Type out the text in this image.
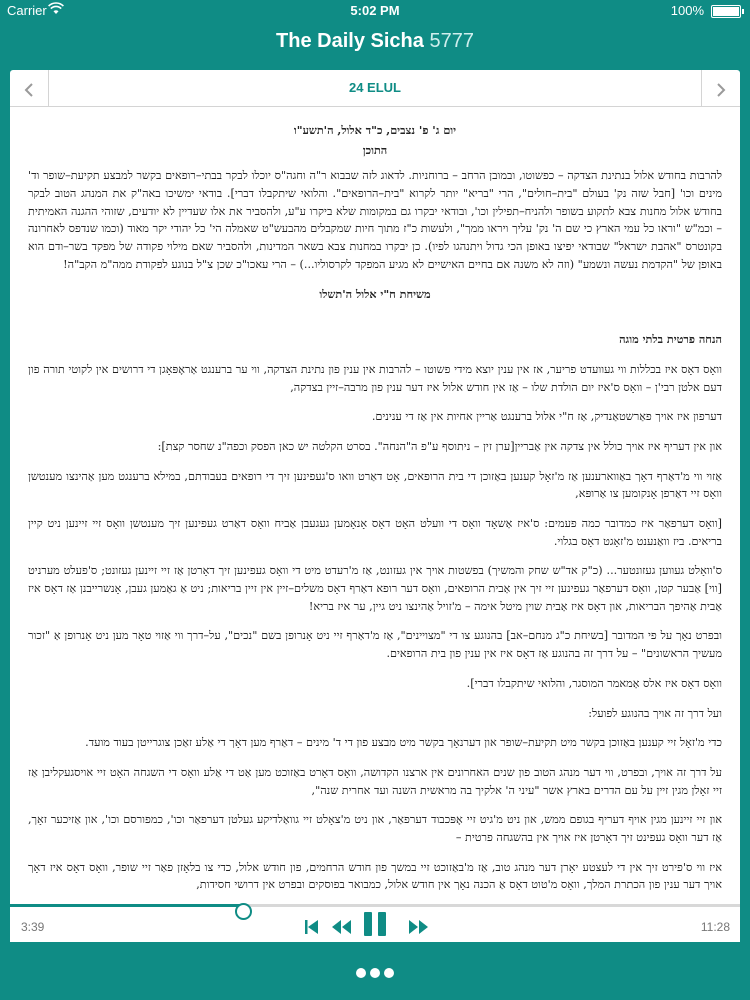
Carrier	5:02 PM	100%
The Daily Sicha 5777
24 ELUL
יום ג' פ' נצבים, כ"ד אלול, ה'תשע"ו
התוכן

להרבות בחודש אלול בנתינת הצדקה – כפשוטו, ובמובן הרחב – ברוחניות. לדאוג לזה שבבוא ר"ה וחגה"ס יוכלו לבקר בבתי–רופאים בקשר למבצע תקיעת–שופר וד' מינים וכו' [חבל שזה נק' בעולם "בית–חולים", הרי "בריא" יותר לקרוא "בית–הרופאים". והלואי שיתקבלו דברי]. בודאי ימשיכו באה"ק את המנהג הטוב לבקר בחודש אלול מחנות צבא לתקוע בשופר ולהניח–תפילין וכו', ובודאי יבקרו גם במקומות שלא ביקרו ע"ע, ולהסביר את אלו שעדיין לא יודעים, שזוהי ההגנה האמיתית – וכמ"ש "וראו כל עמי הארץ כי שם ה' נק' עליך ויראו ממך", ולעשות כ"ז מתוך חיות שמקבלים מהבעש"ט שאמלה הי' כל יהודי יקר מאוד (וכמו שנדפס לאחרונה בקונטרס "אהבת ישראל" שבודאי יפיצו באופן הכי גדול ויתנהגו לפיו). כן יבקרו במחנות צבא בשאר המדינות, ולהסביר שאם מילוי פקודה של מפקד בשר–ודם הוא באופן של "הקדמת נעשה ונשמע" (וזה לא משנה אם בחיים האישיים לא מגיע המפקד לקרסוליו...) – הרי עאכו"כ שכן צ"ל בנוגע לפקודת ממה"מ הקב"ה!

משיחת ח"י אלול ה'תשלו
הנחה פרטית בלתי מוגה

וואָס דאָס איז בכללות ווי געוועדט פריער, אז אין ענין יוצא מידי פשוטו – להרבות אין ענין פון נתינת הצדקה, ווי ער ברענגט אַראָפּאָגן די דרושים אין לקוטי תורה פון דעם אלטן רבי'ן – וואָס ס'איז יום הולדת שלו – אַז אין חודש אלול איז דער ענין פון מרבה–זיין בצדקה,

דערפון איז אויך פאַרשטאַנדיק, אַז ח"י אלול ברענגט אַריין אחיות אין אַז די ענינים.

און אין דעריף איז אויך כולל אין צדקה אין אַבריין[ערן זין – ניתוסף ע"פ ה"הנחה". בסרט הקלטה יש כאן הפסק וכפה"נ שחסר קצת]:

אַזוי ווי מ'דאַרף דאָך באַווארענען אַז מ'זאָל קענען באַזוכן די בית הרופאים, אָט דאַרט וואו ס'געפינען זיך די רופאים בעבודתם, במילא ברענגט מען אַהינצו מענטשן וואָס זיי דאַרפן אָנקומען צו אַרופּא,

[וואָס דערפאַר איז כמדובר כמה פעמים: ס'איז אַשאָד וואָס די וועלט האָט דאָס אָנאָמען געגעבן אַביח וואָס דאַרט געפינען זיך מענטשן וואָס זיי זיינען ניט קיין בריאים. ביז וואַנענט מ'זאָגט דאָס בגלוי.

ס'וואָלט געווען געזונטער... (כ"ק אד"ש שחק והמשיך) בפשטות אויך אין געזונט, אַז מ'רעדט מיט די וואָס געפינען זיך דאָרטן אַז זיי זיינען געזונט; ס'פעלט מערניט [ווי] אַבער קטן, וואָס דערפאַר געפינען זיי זיך אין אַבית הרופאים, וואָס דער רופא דאַרף דאָס משלים–זיין אין זיין בריאות; ניט אַ גאַמען געבן, אָנשרייבנן אַז דאָס איז אַבית אַהיפך הבריאות, און דאָס איז אַבית שוין מיטל אימה – מ'זויל אַהינצו ניט גיין, ער איז בריא!

ובפרט נאָך על פי המדובר [בשיחת כ"ג מנחם–אב] בהנוגע צו די "מצויינים", אַז מ'דאַרף זיי ניט אָנרופן בשם "נכים", על–דרך ווי אַזוי טאָר מען ניט אָנרופן אַ "זכור מעשיך הראשונים" – על דרך זה בהנוגע אַז דאָס איז אין ענין פון בית הרופאים.

וואָס דאָס איז אלס אַמאמר המוסגר, והלואי שיתקבלו דברי].

ועל דרך זה אויך בהנוגע לפועל:

כדי מ'זאָל זיי קענען באַזוכן בקשר מיט תקיעת–שופר און דערנאָך בקשר מיט מבצע פון די ד' מינים – דאַרף מען דאָך די אַלע זאַכן צוגרייטן בעוד מועד.

על דרך זה אויך, ובפרט, ווי דער מנהג הטוב פון שנים האחרונים אין ארצנו הקדושה, וואָס דאָרט באַזוכט מען אַט די אַלע וואָס די השגחה האָט זיי אויסגעקליבן אַז זיי זאָלן מגין זיין על עם הדרים בארץ אשר "עיני ה' אלקיך בה מראשית השנה ועד אחרית שנה",

און זיי זיינען מגין אויף דעריף בגופם ממש, און ניט מ'גיט זיי אָפּכבוד דערפאַר, און ניט מ'צאָלט זיי גוואַלדיקע געלטן דערפאַר וכו', כמפורסם וכו', און אַזיכער זאָך, אַז דער וואָס געפינט זיך דאָרטן איז אויך אין בהשגחה פרטית –

איז ווי ס'פירט זיך אין די לעצטע יאָרן דער מנהג טוב, אַז מ'באַזוכט זיי במשך פון חודש הרחמים, פון חודש אלול, כדי צו בלאָזן פאַר זיי שופר, וואָס דאָס איז דאָך אויך דער ענין פון הכתרת המלך, וואָס מ'טוט דאָס אַ הכנה נאָך אין חודש אלול, כמבואר בפוסקים ובפרט אין דרושי חסידות,

3:39	11:28
